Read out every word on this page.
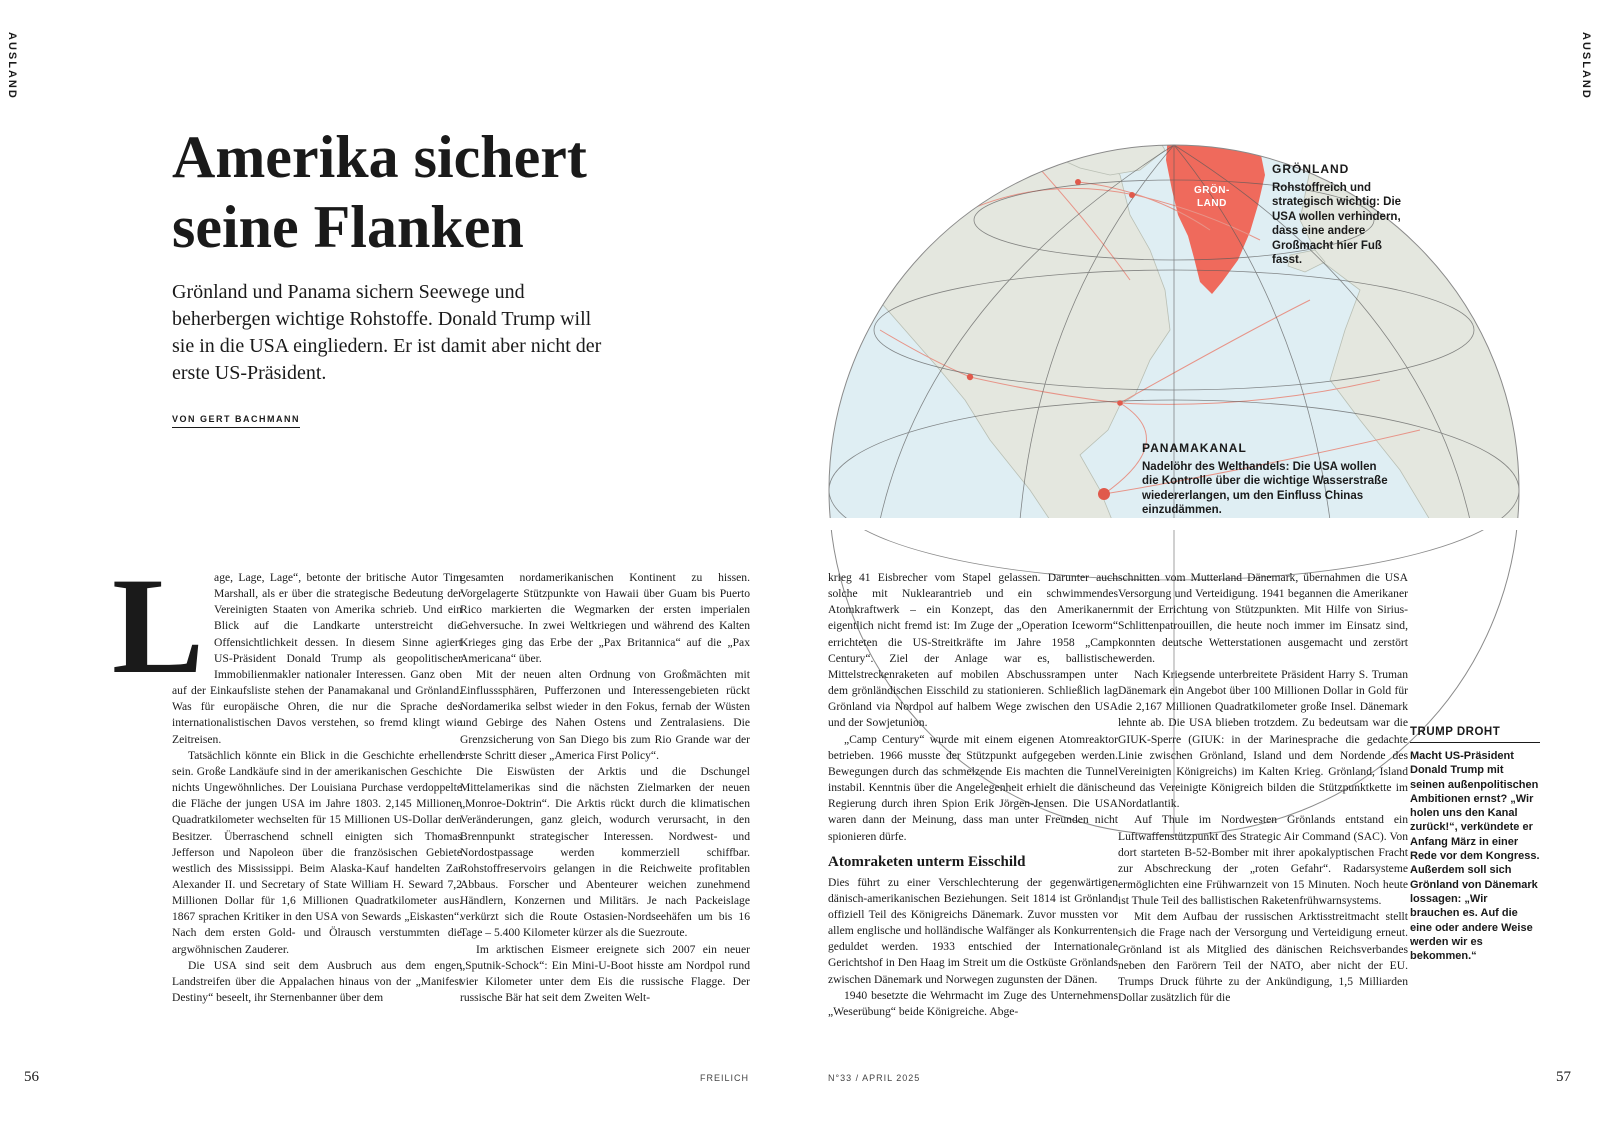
AUSLAND	AUSLAND
Amerika sichert
seine Flanken

Grönland und Panama sichern Seewege und beherbergen wichtige Rohstoffe. Donald Trump will sie in die USA eingliedern. Er ist damit aber nicht der erste US-Präsident.

VON GERT BACHMANN
GRÖN-
LAND

GRÖNLAND

Rohstoffreich und strategisch wichtig: Die USA wollen verhindern, dass eine andere Großmacht hier Fuß fasst.

PANAMAKANAL

Nadelöhr des Welthandels: Die USA wollen die Kontrolle über die wichtige Wasserstraße wiedererlangen, um den Einfluss Chinas einzudämmen.

L age, Lage, Lage“, betonte der britische Autor Tim Marshall, als er über die strategische Bedeutung der Vereinigten Staaten von Amerika schrieb. Und ein Blick auf die Landkarte unterstreicht die Offensichtlichkeit dessen. In diesem Sinne agiert US-Präsident Donald Trump als geopolitischer Immobilienmakler nationaler Interessen. Ganz oben auf der Einkaufsliste stehen der Panamakanal und Grönland. Was für europäische Ohren, die nur die Sprache des internationalistischen Davos verstehen, so fremd klingt wie Zeitreisen.

Tatsächlich könnte ein Blick in die Geschichte erhellend sein. Große Landkäufe sind in der amerikanischen Geschichte nichts Ungewöhnliches. Der Louisiana Purchase verdoppelte die Fläche der jungen USA im Jahre 1803. 2,145 Millionen Quadratkilometer wechselten für 15 Millionen US-Dollar den Besitzer. Überraschend schnell einigten sich Thomas Jefferson und Napoleon über die französischen Gebiete westlich des Mississippi. Beim Alaska-Kauf handelten Zar Alexander II. und Secretary of State William H. Seward 7,2 Millionen Dollar für 1,6 Millionen Quadratkilometer aus. 1867 sprachen Kritiker in den USA von Sewards „Eiskasten“. Nach dem ersten Gold- und Ölrausch verstummten die argwöhnischen Zauderer.

Die USA sind seit dem Ausbruch aus dem engen Landstreifen über die Appalachen hinaus von der „Manifest Destiny“ beseelt, ihr Sternenbanner über dem

gesamten nordamerikanischen Kontinent zu hissen. Vorgelagerte Stützpunkte von Hawaii über Guam bis Puerto Rico markierten die Wegmarken der ersten imperialen Gehversuche. In zwei Weltkriegen und während des Kalten Krieges ging das Erbe der „Pax Britannica“ auf die „Pax Americana“ über.

Mit der neuen alten Ordnung von Großmächten mit Einflusssphären, Pufferzonen und Interessengebieten rückt Nordamerika selbst wieder in den Fokus, fernab der Wüsten und Gebirge des Nahen Ostens und Zentralasiens. Die Grenzsicherung von San Diego bis zum Rio Grande war der erste Schritt dieser „America First Policy“.

Die Eiswüsten der Arktis und die Dschungel Mittelamerikas sind die nächsten Zielmarken der neuen „Monroe-Doktrin“. Die Arktis rückt durch die klimatischen Veränderungen, ganz gleich, wodurch verursacht, in den Brennpunkt strategischer Interessen. Nordwest- und Nordostpassage werden kommerziell schiffbar. Rohstoffreservoirs gelangen in die Reichweite profitablen Abbaus. Forscher und Abenteurer weichen zunehmend Händlern, Konzernen und Militärs. Je nach Packeislage verkürzt sich die Route Ostasien-Nordseehäfen um bis 16 Tage – 5.400 Kilometer kürzer als die Suezroute.

Im arktischen Eismeer ereignete sich 2007 ein neuer „Sputnik-Schock“: Ein Mini-U-Boot hisste am Nordpol rund vier Kilometer unter dem Eis die russische Flagge. Der russische Bär hat seit dem Zweiten Welt-

krieg 41 Eisbrecher vom Stapel gelassen. Darunter auch solche mit Nuklearantrieb und ein schwimmendes Atomkraftwerk – ein Konzept, das den Amerikanern eigentlich nicht fremd ist: Im Zuge der „Operation Iceworm“ errichteten die US-Streitkräfte im Jahre 1958 „Camp Century“. Ziel der Anlage war es, ballistische Mittelstreckenraketen auf mobilen Abschussrampen unter dem grönländischen Eisschild zu stationieren. Schließlich lag Grönland via Nordpol auf halbem Wege zwischen den USA und der Sowjetunion.

„Camp Century“ wurde mit einem eigenen Atomreaktor betrieben. 1966 musste der Stützpunkt aufgegeben werden. Bewegungen durch das schmelzende Eis machten die Tunnel instabil. Kenntnis über die Angelegenheit erhielt die dänische Regierung durch ihren Spion Erik Jörgen-Jensen. Die USA waren dann der Meinung, dass man unter Freunden nicht spionieren dürfe.

Atomraketen unterm Eisschild

Dies führt zu einer Verschlechterung der gegenwärtigen dänisch-amerikanischen Beziehungen. Seit 1814 ist Grönland offiziell Teil des Königreichs Dänemark. Zuvor mussten vor allem englische und holländische Walfänger als Konkurrenten geduldet werden. 1933 entschied der Internationale Gerichtshof in Den Haag im Streit um die Ostküste Grönlands zwischen Dänemark und Norwegen zugunsten der Dänen.

1940 besetzte die Wehrmacht im Zuge des Unternehmens „Weserübung“ beide Königreiche. Abge-

schnitten vom Mutterland Dänemark, übernahmen die USA Versorgung und Verteidigung. 1941 begannen die Amerikaner mit der Errichtung von Stützpunkten. Mit Hilfe von Sirius-Schlittenpatrouillen, die heute noch immer im Einsatz sind, konnten deutsche Wetterstationen ausgemacht und zerstört werden.

Nach Kriegsende unterbreitete Präsident Harry S. Truman Dänemark ein Angebot über 100 Millionen Dollar in Gold für die 2,167 Millionen Quadratkilometer große Insel. Dänemark lehnte ab. Die USA blieben trotzdem. Zu bedeutsam war die GIUK-Sperre (GIUK: in der Marinesprache die gedachte Linie zwischen Grönland, Island und dem Nordende des Vereinigten Königreichs) im Kalten Krieg. Grönland, Island und das Vereinigte Königreich bilden die Stützpunktkette im Nordatlantik.

Auf Thule im Nordwesten Grönlands entstand ein Luftwaffenstützpunkt des Strategic Air Command (SAC). Von dort starteten B-52-Bomber mit ihrer apokalyptischen Fracht zur Abschreckung der „roten Gefahr“. Radarsysteme ermöglichten eine Frühwarnzeit von 15 Minuten. Noch heute ist Thule Teil des ballistischen Raketenfrühwarnsystems.

Mit dem Aufbau der russischen Arktisstreitmacht stellt sich die Frage nach der Versorgung und Verteidigung erneut. Grönland ist als Mitglied des dänischen Reichsverbandes neben den Farörern Teil der NATO, aber nicht der EU. Trumps Druck führte zu der Ankündigung, 1,5 Milliarden Dollar zusätzlich für die

TRUMP DROHT

Macht US-Präsident Donald Trump mit seinen außenpolitischen Ambitionen ernst? „Wir holen uns den Kanal zurück!“, verkündete er Anfang März in einer Rede vor dem Kongress. Außerdem soll sich Grönland von Dänemark lossagen: „Wir brauchen es. Auf die eine oder andere Weise werden wir es bekommen.“

56	FREILICH	N°33 / APRIL 2025	57
